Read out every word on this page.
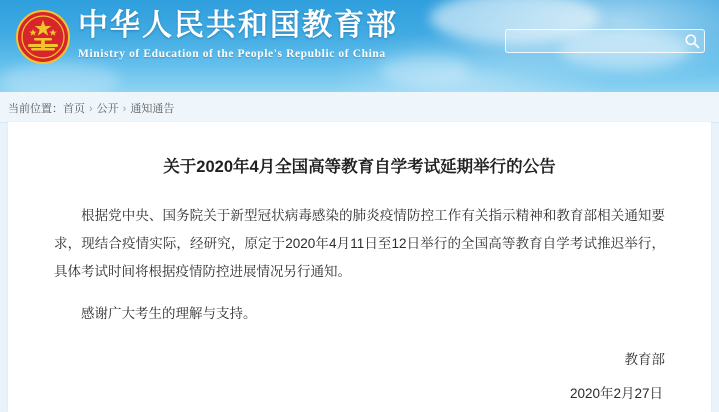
中华人民共和国教育部
Ministry of Education of the People's Republic of China
当前位置：首页 › 公开 › 通知通告
关于2020年4月全国高等教育自学考试延期举行的公告

根据党中央、国务院关于新型冠状病毒感染的肺炎疫情防控工作有关指示精神和教育部相关通知要求，现结合疫情实际，经研究，原定于2020年4月11日至12日举行的全国高等教育自学考试推迟举行，具体考试时间将根据疫情防控进展情况另行通知。

感谢广大考生的理解与支持。

教育部
2020年2月27日
